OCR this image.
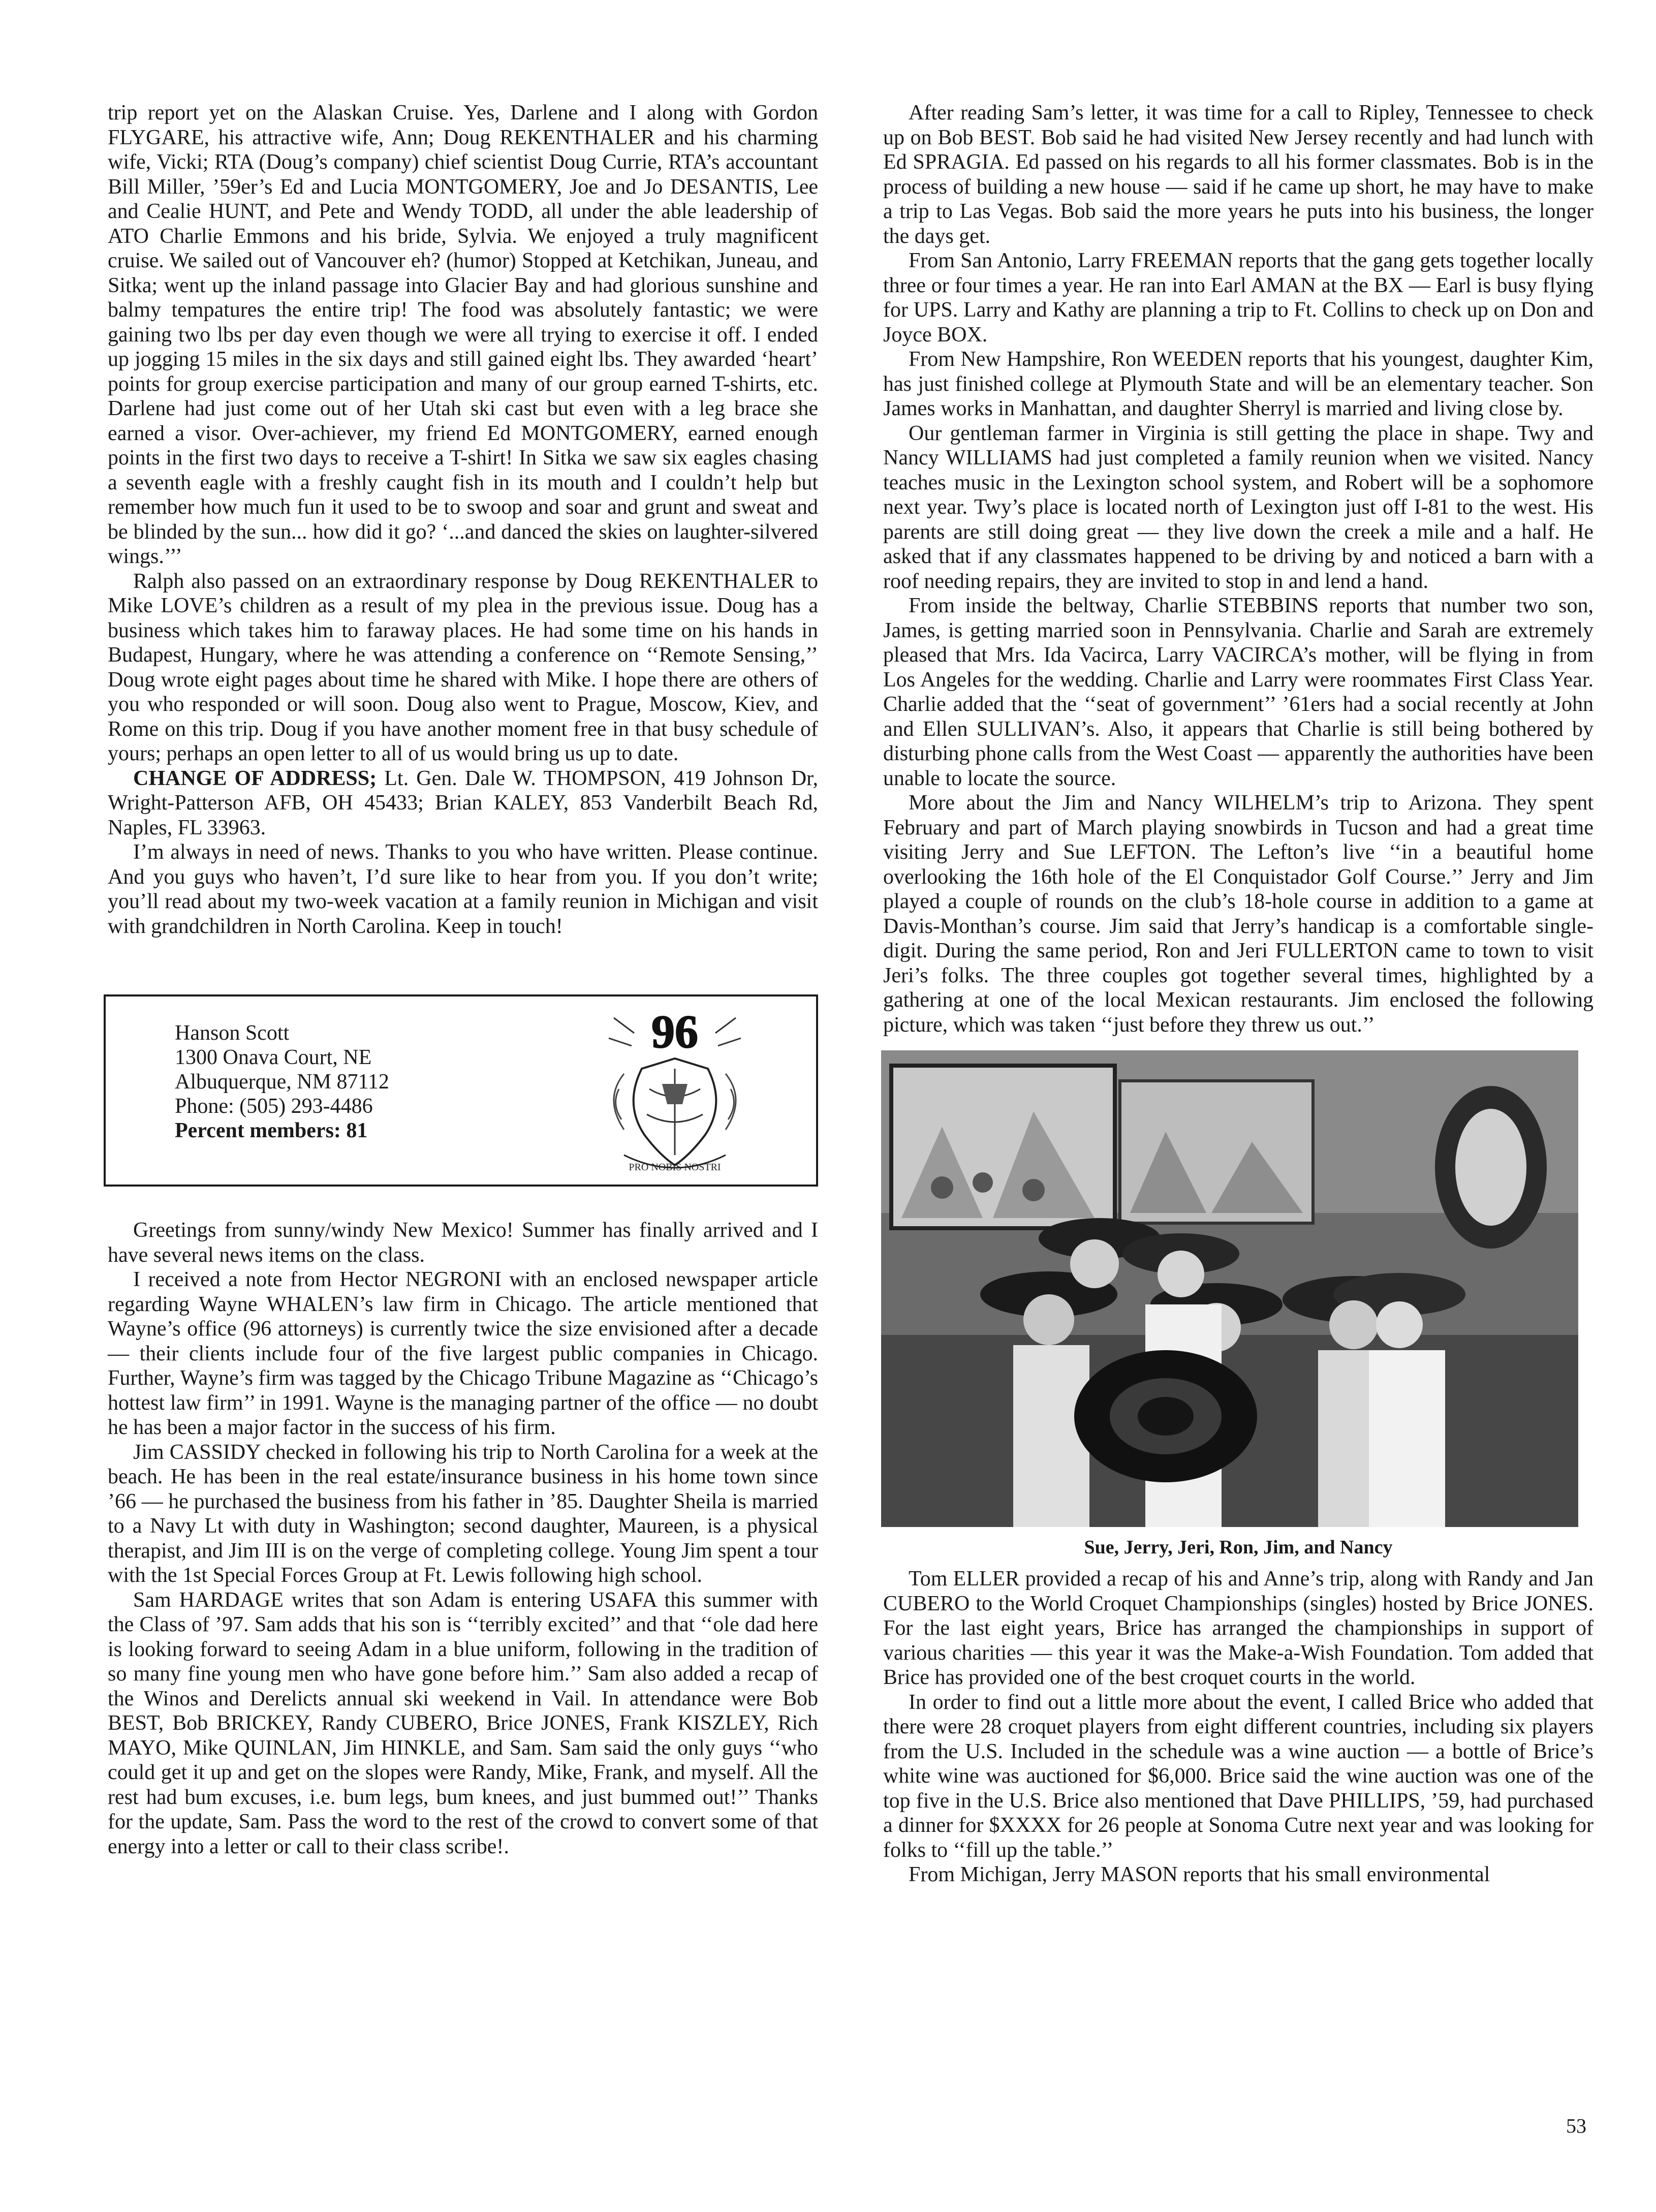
trip report yet on the Alaskan Cruise. Yes, Darlene and I along with Gordon FLYGARE, his attractive wife, Ann; Doug REKENTHALER and his charming wife, Vicki; RTA (Doug’s company) chief scientist Doug Currie, RTA’s accountant Bill Miller, ’59er’s Ed and Lucia MONTGOMERY, Joe and Jo DESANTIS, Lee and Cealie HUNT, and Pete and Wendy TODD, all under the able leadership of ATO Charlie Emmons and his bride, Sylvia. We enjoyed a truly magnificent cruise. We sailed out of Vancouver eh? (humor) Stopped at Ketchikan, Juneau, and Sitka; went up the inland passage into Glacier Bay and had glorious sunshine and balmy tempatures the entire trip! The food was absolutely fantastic; we were gaining two lbs per day even though we were all trying to exercise it off. I ended up jogging 15 miles in the six days and still gained eight lbs. They awarded ‘heart’ points for group exercise participation and many of our group earned T-shirts, etc. Darlene had just come out of her Utah ski cast but even with a leg brace she earned a visor. Over-achiever, my friend Ed MONTGOMERY, earned enough points in the first two days to receive a T-shirt! In Sitka we saw six eagles chasing a seventh eagle with a freshly caught fish in its mouth and I couldn’t help but remember how much fun it used to be to swoop and soar and grunt and sweat and be blinded by the sun... how did it go? ‘...and danced the skies on laughter-silvered wings.’’’

Ralph also passed on an extraordinary response by Doug REKENTHALER to Mike LOVE’s children as a result of my plea in the previous issue. Doug has a business which takes him to faraway places. He had some time on his hands in Budapest, Hungary, where he was attending a conference on ‘‘Remote Sensing,’’ Doug wrote eight pages about time he shared with Mike. I hope there are others of you who responded or will soon. Doug also went to Prague, Moscow, Kiev, and Rome on this trip. Doug if you have another moment free in that busy schedule of yours; perhaps an open letter to all of us would bring us up to date.

CHANGE OF ADDRESS; Lt. Gen. Dale W. THOMPSON, 419 Johnson Dr, Wright-Patterson AFB, OH 45433; Brian KALEY, 853 Vanderbilt Beach Rd, Naples, FL 33963.

I’m always in need of news. Thanks to you who have written. Please continue. And you guys who haven’t, I’d sure like to hear from you. If you don’t write; you’ll read about my two-week vacation at a family reunion in Michigan and visit with grandchildren in North Carolina. Keep in touch!

Hanson Scott
1300 Onava Court, NE
Albuquerque, NM 87112
Phone: (505) 293-4486
Percent members: 81
96
PRO NOBIS NOSTRI

Greetings from sunny/windy New Mexico! Summer has finally arrived and I have several news items on the class.

I received a note from Hector NEGRONI with an enclosed newspaper article regarding Wayne WHALEN’s law firm in Chicago. The article mentioned that Wayne’s office (96 attorneys) is currently twice the size envisioned after a decade — their clients include four of the five largest public companies in Chicago. Further, Wayne’s firm was tagged by the Chicago Tribune Magazine as ‘‘Chicago’s hottest law firm’’ in 1991. Wayne is the managing partner of the office — no doubt he has been a major factor in the success of his firm.

Jim CASSIDY checked in following his trip to North Carolina for a week at the beach. He has been in the real estate/insurance business in his home town since ’66 — he purchased the business from his father in ’85. Daughter Sheila is married to a Navy Lt with duty in Washington; second daughter, Maureen, is a physical therapist, and Jim III is on the verge of completing college. Young Jim spent a tour with the 1st Special Forces Group at Ft. Lewis following high school.

Sam HARDAGE writes that son Adam is entering USAFA this summer with the Class of ’97. Sam adds that his son is ‘‘terribly excited’’ and that ‘‘ole dad here is looking forward to seeing Adam in a blue uniform, following in the tradition of so many fine young men who have gone before him.’’ Sam also added a recap of the Winos and Derelicts annual ski weekend in Vail. In attendance were Bob BEST, Bob BRICKEY, Randy CUBERO, Brice JONES, Frank KISZLEY, Rich MAYO, Mike QUINLAN, Jim HINKLE, and Sam. Sam said the only guys ‘‘who could get it up and get on the slopes were Randy, Mike, Frank, and myself. All the rest had bum excuses, i.e. bum legs, bum knees, and just bummed out!’’ Thanks for the update, Sam. Pass the word to the rest of the crowd to convert some of that energy into a letter or call to their class scribe!.

After reading Sam’s letter, it was time for a call to Ripley, Tennessee to check up on Bob BEST. Bob said he had visited New Jersey recently and had lunch with Ed SPRAGIA. Ed passed on his regards to all his former classmates. Bob is in the process of building a new house — said if he came up short, he may have to make a trip to Las Vegas. Bob said the more years he puts into his business, the longer the days get.

From San Antonio, Larry FREEMAN reports that the gang gets together locally three or four times a year. He ran into Earl AMAN at the BX — Earl is busy flying for UPS. Larry and Kathy are planning a trip to Ft. Collins to check up on Don and Joyce BOX.

From New Hampshire, Ron WEEDEN reports that his youngest, daughter Kim, has just finished college at Plymouth State and will be an elementary teacher. Son James works in Manhattan, and daughter Sherryl is married and living close by.

Our gentleman farmer in Virginia is still getting the place in shape. Twy and Nancy WILLIAMS had just completed a family reunion when we visited. Nancy teaches music in the Lexington school system, and Robert will be a sophomore next year. Twy’s place is located north of Lexington just off I-81 to the west. His parents are still doing great — they live down the creek a mile and a half. He asked that if any classmates happened to be driving by and noticed a barn with a roof needing repairs, they are invited to stop in and lend a hand.

From inside the beltway, Charlie STEBBINS reports that number two son, James, is getting married soon in Pennsylvania. Charlie and Sarah are extremely pleased that Mrs. Ida Vacirca, Larry VACIRCA’s mother, will be flying in from Los Angeles for the wedding. Charlie and Larry were roommates First Class Year. Charlie added that the ‘‘seat of government’’ ’61ers had a social recently at John and Ellen SULLIVAN’s. Also, it appears that Charlie is still being bothered by disturbing phone calls from the West Coast — apparently the authorities have been unable to locate the source.

More about the Jim and Nancy WILHELM’s trip to Arizona. They spent February and part of March playing snowbirds in Tucson and had a great time visiting Jerry and Sue LEFTON. The Lefton’s live ‘‘in a beautiful home overlooking the 16th hole of the El Conquistador Golf Course.’’ Jerry and Jim played a couple of rounds on the club’s 18-hole course in addition to a game at Davis-Monthan’s course. Jim said that Jerry’s handicap is a comfortable single-digit. During the same period, Ron and Jeri FULLERTON came to town to visit Jeri’s folks. The three couples got together several times, highlighted by a gathering at one of the local Mexican restaurants. Jim enclosed the following picture, which was taken ‘‘just before they threw us out.’’

Sue, Jerry, Jeri, Ron, Jim, and Nancy

Tom ELLER provided a recap of his and Anne’s trip, along with Randy and Jan CUBERO to the World Croquet Championships (singles) hosted by Brice JONES. For the last eight years, Brice has arranged the championships in support of various charities — this year it was the Make-a-Wish Foundation. Tom added that Brice has provided one of the best croquet courts in the world.

In order to find out a little more about the event, I called Brice who added that there were 28 croquet players from eight different countries, including six players from the U.S. Included in the schedule was a wine auction — a bottle of Brice’s white wine was auctioned for $6,000. Brice said the wine auction was one of the top five in the U.S. Brice also mentioned that Dave PHILLIPS, ’59, had purchased a dinner for $XXXX for 26 people at Sonoma Cutre next year and was looking for folks to ‘‘fill up the table.’’

From Michigan, Jerry MASON reports that his small environmental

53
